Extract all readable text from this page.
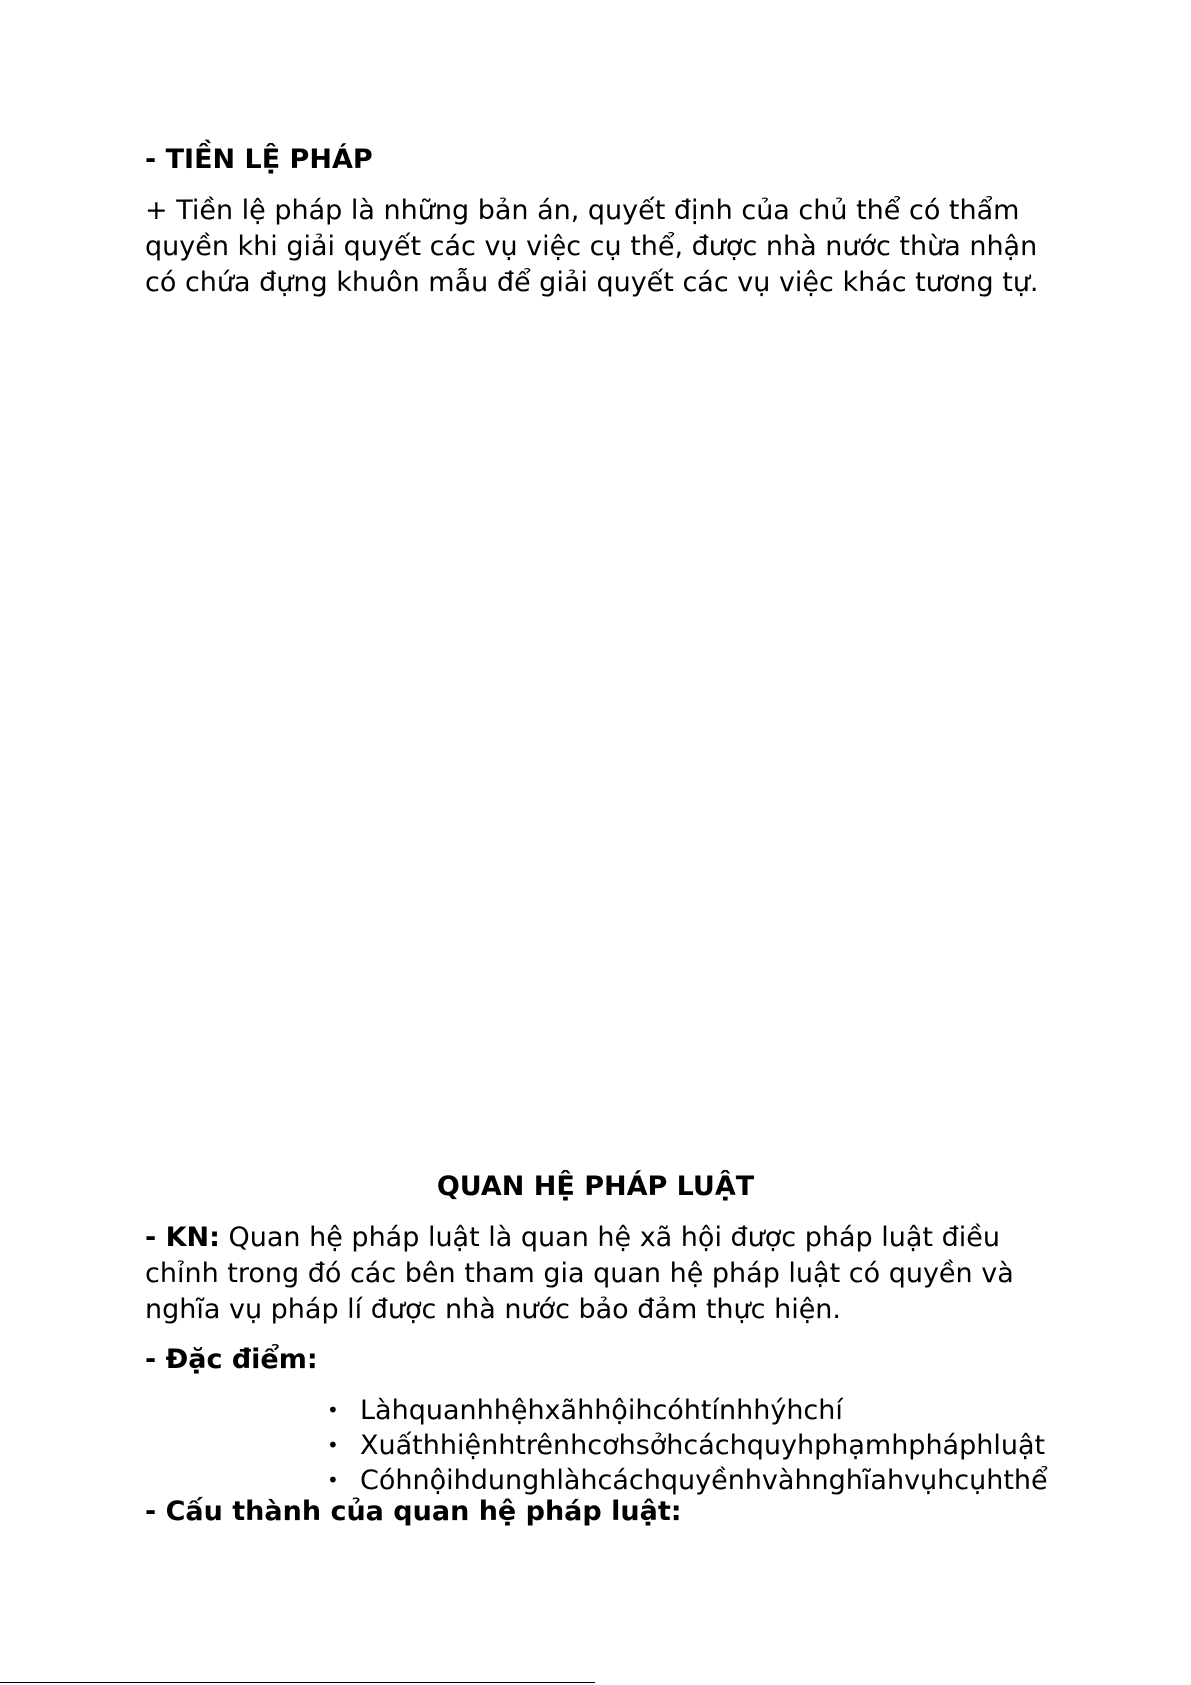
- TIỀN LỆ PHÁP
+ Tiền lệ pháp là những bản án, quyết định của chủ thể có thẩm quyền khi giải quyết các vụ việc cụ thể, được nhà nước thừa nhận có chứa đựng khuôn mẫu để giải quyết các vụ việc khác tương tự.
QUAN HỆ PHÁP LUẬT
- KN: Quan hệ pháp luật là quan hệ xã hội được pháp luật điều chỉnh trong đó các bên tham gia quan hệ pháp luật có quyền và nghĩa vụ pháp lí được nhà nước bảo đảm thực hiện.
- Đặc điểm:
• Làhquanhhệhxãhhộihcóhtínhhýhchí
• Xuấthhiệnhtrênhcơhsởhcáchquyhphạmhpháphluật
• Cóhnộihdunghlàhcáchquyềnhvàhnghĩahvụhcụhthể
- Cấu thành của quan hệ pháp luật:
